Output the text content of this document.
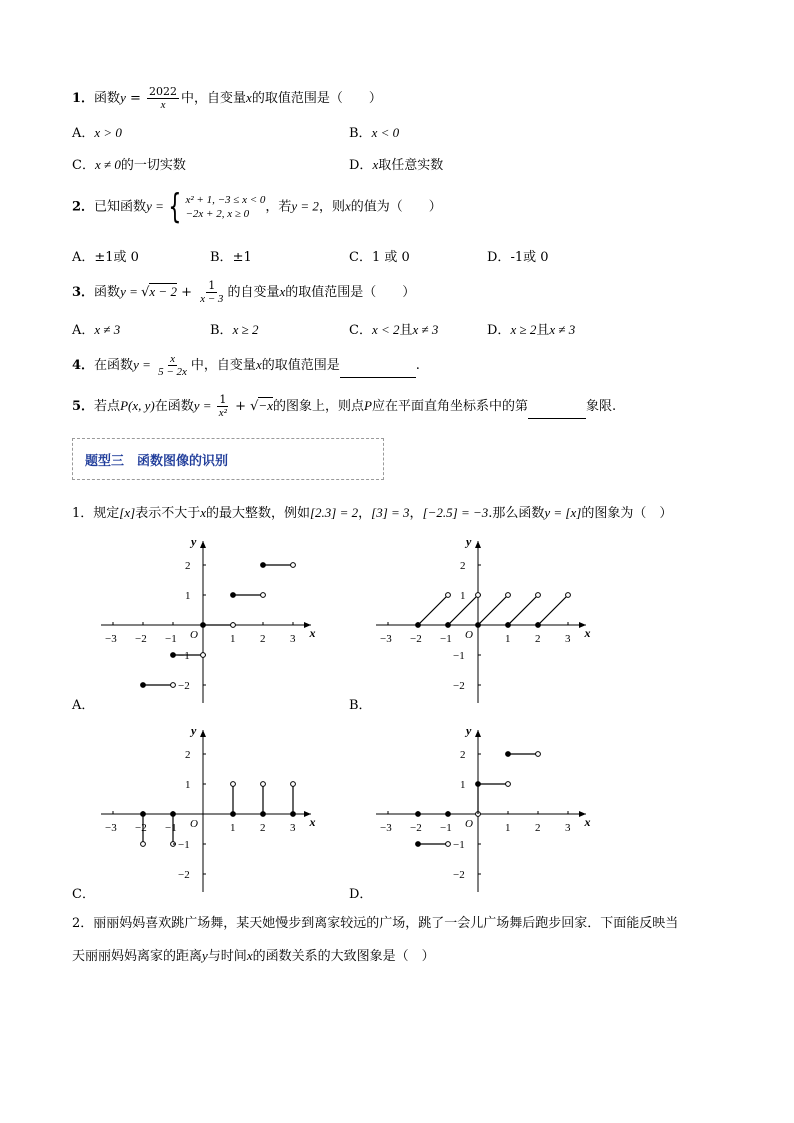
1．函数$y = \frac{2022}{x}$ 中，自变量x的取值范围是（　　）
A．x > 0	B．x < 0
C．x ≠ 0的一切实数	D．x取任意实数
2．已知函数y = { x² + 1, −3 ≤ x < 0
−2x + 2, x ≥ 0	，若y = 2，则x的值为（　　）
A．±1或 0	B．±1	C．1 或 0	D．-1或 0
3．函数$y = √x - 2 + \frac{1}{x - 3}$ 的自变量x的取值范围是（　　）
A．x ≠ 3	B．x ≥ 2	C．x < 2且x ≠ 3	D．x ≥ 2且x ≠ 3
4．在函数$y = \frac{x}{5 - 2x}$ 中，自变量x的取值范围是	.
5．若点P(x, y)在函数$y = \frac{1}{\text{x²}} + √-x$的图象上，则点P应在平面直角坐标系中的第	象限.
题型三　函数图像的识别
1．规定[x]表示不大于x的最大整数，例如[2.3] = 2，[3] = 3，[−2.5] = −3.那么函数y = [x]的图象为（　）
x
y
O
−3 −2 −1	1 2 3
2
1
−1
−2
x
y
O
−3 −2 −1	1 2 3
2
1
−1
−2
x
y
O
−3 −2 −1	1 2 3
2
1
−1
−2
x
y
O
−3 −2 −1	1 2 3
2
1
−1
−2
A．	B．
C．	D．
2．丽丽妈妈喜欢跳广场舞，某天她慢步到离家较远的广场，跳了一会儿广场舞后跑步回家．下面能反映当
天丽丽妈妈离家的距离y与时间x的函数关系的大致图象是（　）
